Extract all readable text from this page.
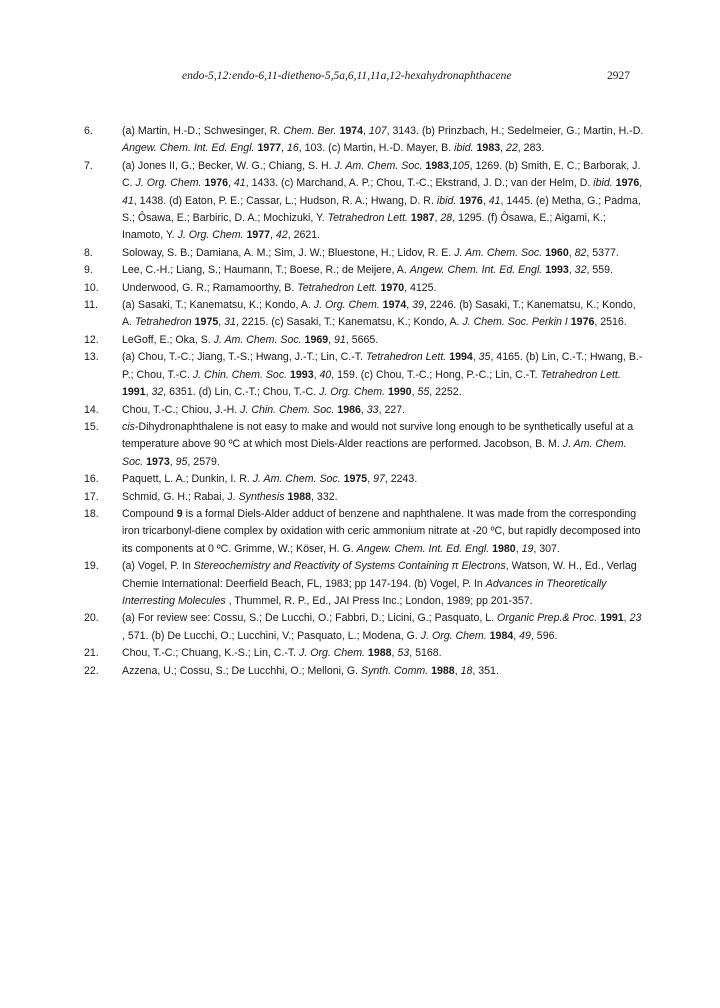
endo-5,12:endo-6,11-dietheno-5,5a,6,11,11a,12-hexahydronaphthacene	2927
6.	(a) Martin, H.-D.; Schwesinger, R. Chem. Ber. 1974, 107, 3143. (b) Prinzbach, H.; Sedelmeier, G.; Martin, H.-D. Angew. Chem. Int. Ed. Engl. 1977, 16, 103. (c) Martin, H.-D. Mayer, B. ibid. 1983, 22, 283.
7.	(a) Jones II, G.; Becker, W. G.; Chiang, S. H. J. Am. Chem. Soc. 1983,105, 1269. (b) Smith, E. C.; Barborak, J. C. J. Org. Chem. 1976, 41, 1433. (c) Marchand, A. P.; Chou, T.-C.; Ekstrand, J. D.; van der Helm, D. ibid. 1976, 41, 1438. (d) Eaton, P. E.; Cassar, L.; Hudson, R. A.; Hwang, D. R. ibid. 1976, 41, 1445. (e) Metha, G.; Padma, S.; Ôsawa, E.; Barbiric, D. A.; Mochizuki, Y. Tetrahedron Lett. 1987, 28, 1295. (f) Ôsawa, E.; Aigami, K.; Inamoto, Y. J. Org. Chem. 1977, 42, 2621.
8.	Soloway, S. B.; Damiana, A. M.; Sim, J. W.; Bluestone, H.; Lidov, R. E. J. Am. Chem. Soc. 1960, 82, 5377.
9.	Lee, C.-H.; Liang, S.; Haumann, T.; Boese, R.; de Meijere, A. Angew. Chem. Int. Ed. Engl. 1993, 32, 559.
10.	Underwood, G. R.; Ramamoorthy, B. Tetrahedron Lett. 1970, 4125.
11.	(a) Sasaki, T.; Kanematsu, K.; Kondo, A. J. Org. Chem. 1974, 39, 2246. (b) Sasaki, T.; Kanematsu, K.; Kondo, A. Tetrahedron 1975, 31, 2215. (c) Sasaki, T.; Kanematsu, K.; Kondo, A. J. Chem. Soc. Perkin I 1976, 2516.
12.	LeGoff, E.; Oka, S. J. Am. Chem. Soc. 1969, 91, 5665.
13.	(a) Chou, T.-C.; Jiang, T.-S.; Hwang, J.-T.; Lin, C.-T. Tetrahedron Lett. 1994, 35, 4165. (b) Lin, C.-T.; Hwang, B.-P.; Chou, T.-C. J. Chin. Chem. Soc. 1993, 40, 159. (c) Chou, T.-C.; Hong, P.-C.; Lin, C.-T. Tetrahedron Lett. 1991, 32, 6351. (d) Lin, C.-T.; Chou, T.-C. J. Org. Chem. 1990, 55, 2252.
14.	Chou, T.-C.; Chiou, J.-H. J. Chin. Chem. Soc. 1986, 33, 227.
15.	cis-Dihydronaphthalene is not easy to make and would not survive long enough to be synthetically useful at a temperature above 90 ºC at which most Diels-Alder reactions are performed. Jacobson, B. M. J. Am. Chem. Soc. 1973, 95, 2579.
16.	Paquett, L. A.; Dunkin, I. R. J. Am. Chem. Soc. 1975, 97, 2243.
17.	Schmid, G. H.; Rabai, J. Synthesis 1988, 332.
18.	Compound 9 is a formal Diels-Alder adduct of benzene and naphthalene. It was made from the corresponding iron tricarbonyl-diene complex by oxidation with ceric ammonium nitrate at -20 ºC, but rapidly decomposed into its components at 0 ºC. Grimme, W.; Köser, H. G. Angew. Chem. Int. Ed. Engl. 1980, 19, 307.
19.	(a) Vogel, P. In Stereochemistry and Reactivity of Systems Containing π Electrons, Watson, W. H., Ed., Verlag Chemie International: Deerfield Beach, FL, 1983; pp 147-194. (b) Vogel, P. In Advances in Theoretically Interresting Molecules , Thummel, R. P., Ed., JAI Press Inc.; London, 1989; pp 201-357.
20.	(a) For review see: Cossu, S.; De Lucchi, O.; Fabbri, D.; Licini, G.; Pasquato, L. Organic Prep.& Proc. 1991, 23 , 571. (b) De Lucchi, O.; Lucchini, V.; Pasquato, L.; Modena, G. J. Org. Chem. 1984, 49, 596.
21.	Chou, T.-C.; Chuang, K.-S.; Lin, C.-T. J. Org. Chem. 1988, 53, 5168.
22.	Azzena, U.; Cossu, S.; De Lucchhi, O.; Melloni, G. Synth. Comm. 1988, 18, 351.
